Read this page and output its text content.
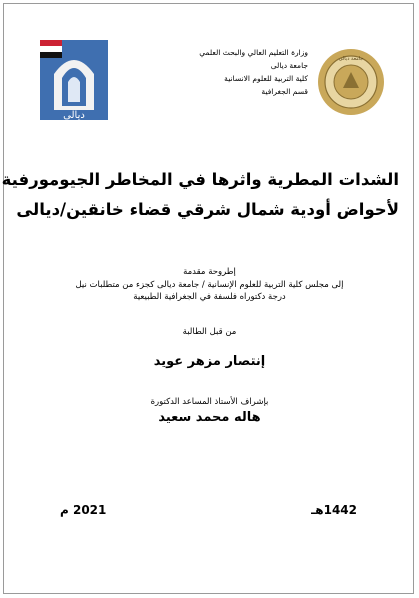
ديالى
وزارة التعليم العالي والبحث العلمي
جامعة ديالى
كلية التربية للعلوم الانسانية
قسم الجغرافية
جامعة ديالى
الشدات المطرية واثرها في المخاطر الجيومورفية
لأحواض أودية شمال شرقي قضاء خانقين/ديالى
إطروحة مقدمة
إلى مجلس كلية التربية للعلوم الإنسانية / جامعة ديالى كجزء من متطلبات نيل
درجة دكتوراه فلسفة في الجغرافية الطبيعية
من قبل الطالبة
إنتصار مزهر عويد
بإشراف الأستاذ المساعد الدكتورة
هاله محمد سعيد
1442هـ
2021 م
